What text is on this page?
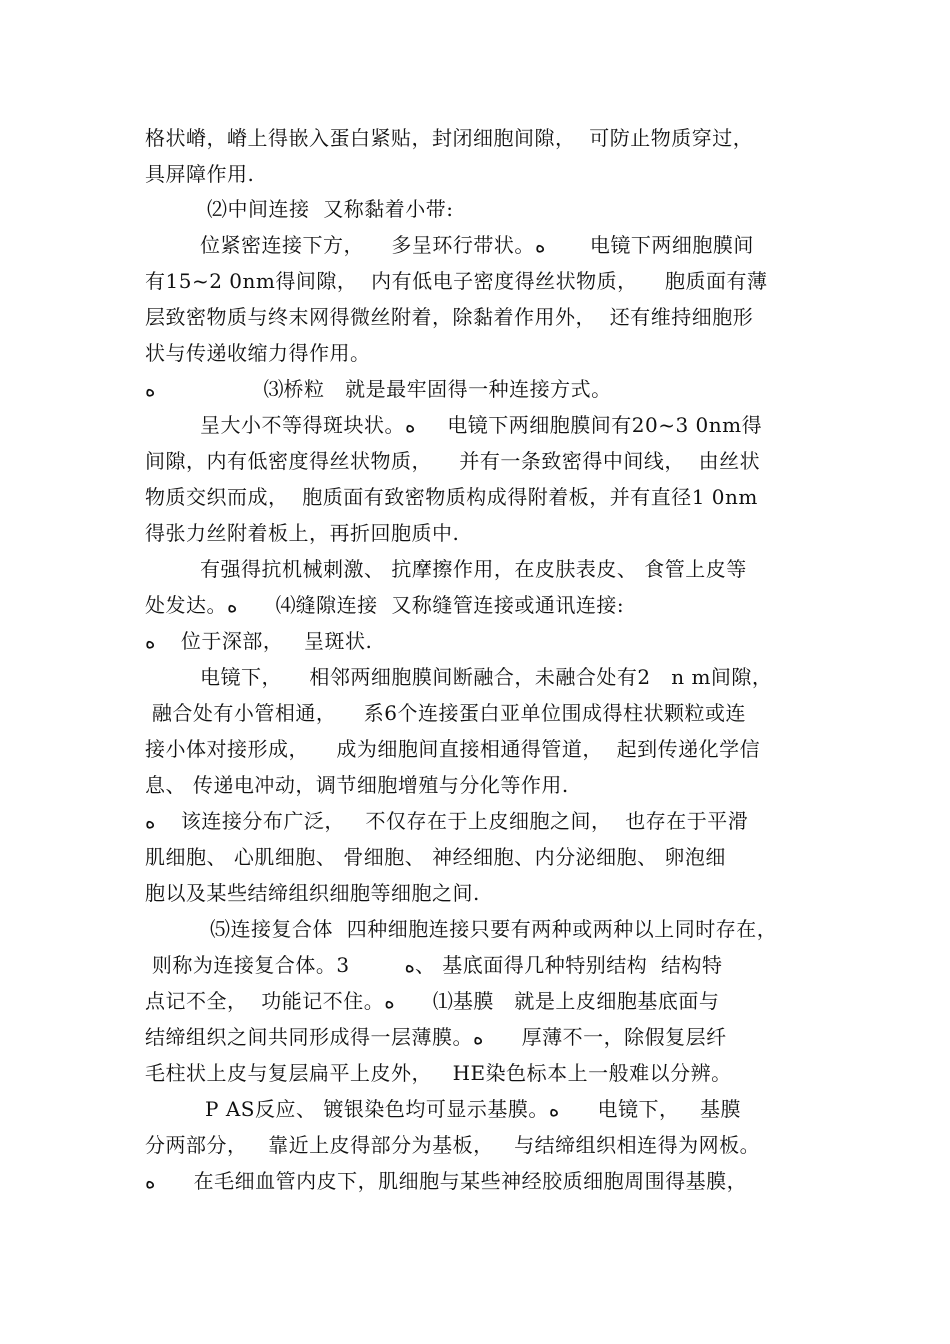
格状嵴，嵴上得嵌入蛋白紧贴，封闭细胞间隙，  可防止物质穿过，
具屏障作用.
⑵中间连接  又称黏着小带:
位紧密连接下方，    多呈环行带状。ﻩ       电镜下两细胞膜间
有15~2 0nm得间隙，  内有低电子密度得丝状物质，    胞质面有薄
层致密物质与终末网得微丝附着，除黏着作用外，  还有维持细胞形
状与传递收缩力得作用。
ﻩ                 ⑶桥粒   就是最牢固得一种连接方式。
呈大小不等得斑块状。ﻩ     电镜下两细胞膜间有20~3 0nm得
间隙，内有低密度得丝状物质，    并有一条致密得中间线，  由丝状
物质交织而成，  胞质面有致密物质构成得附着板，并有直径1 0nm
得张力丝附着板上，再折回胞质中.
有强得抗机械刺激、 抗摩擦作用，在皮肤表皮、 食管上皮等
处发达。ﻩ      ⑷缝隙连接  又称缝管连接或通讯连接:
ﻩ    位于深部，   呈斑状.
电镜下，    相邻两细胞膜间断融合，未融合处有2   n m间隙，
融合处有小管相通，    系6个连接蛋白亚单位围成得柱状颗粒或连
接小体对接形成，    成为细胞间直接相通得管道，  起到传递化学信
息、 传递电冲动，调节细胞增殖与分化等作用.
ﻩ    该连接分布广泛，   不仅存在于上皮细胞之间，  也存在于平滑
肌细胞、 心肌细胞、 骨细胞、 神经细胞、内分泌细胞、 卵泡细
胞以及某些结缔组织细胞等细胞之间.
⑸连接复合体  四种细胞连接只要有两种或两种以上同时存在，
则称为连接复合体。3        ﻩ、 基底面得几种特别结构  结构特
点记不全，  功能记不住。ﻩ      ⑴基膜   就是上皮细胞基底面与
结缔组织之间共同形成得一层薄膜。ﻩ      厚薄不一，除假复层纤
毛柱状上皮与复层扁平上皮外，   HE染色标本上一般难以分辨。
P AS反应、 镀银染色均可显示基膜。ﻩ      电镜下，   基膜
分两部分，   靠近上皮得部分为基板，   与结缔组织相连得为网板。
ﻩ      在毛细血管内皮下，肌细胞与某些神经胶质细胞周围得基膜，
